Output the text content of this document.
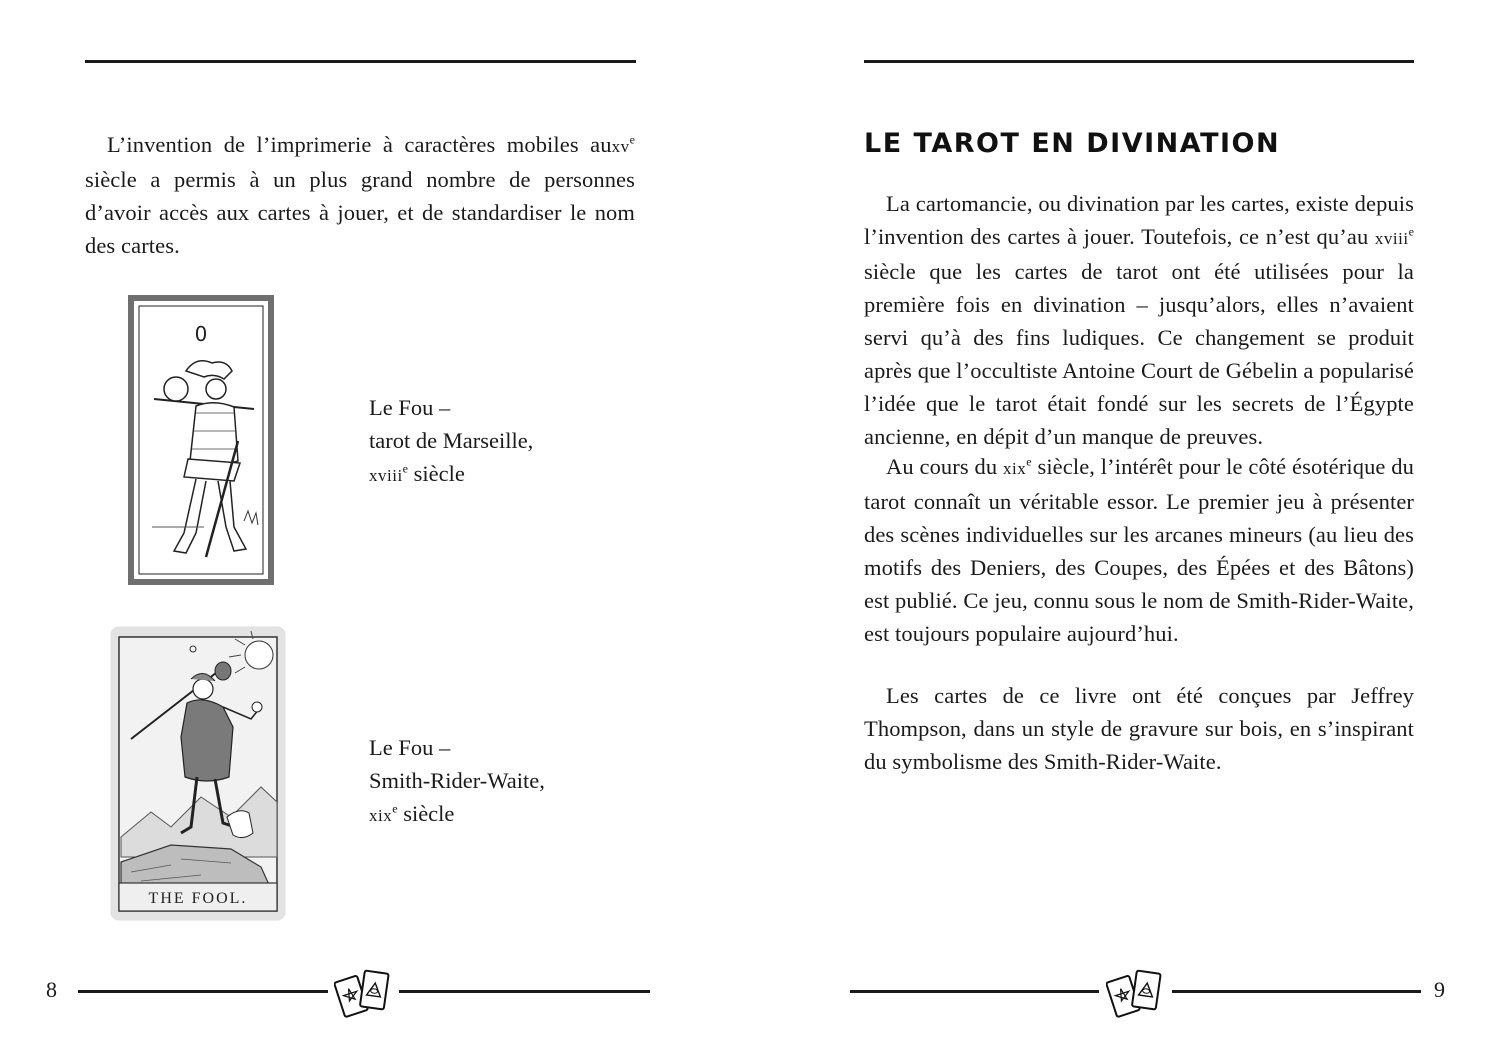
L’invention de l’imprimerie à caractères mobiles auxv$^e$ siècle a permis à un plus grand nombre de personnes d’avoir accès aux cartes à jouer, et de standardiser le nom des cartes.

0

Le Fou –
tarot de Marseille,
xviii$^e$ siècle

THE FOOL.

Le Fou –
Smith-Rider-Waite,
xix$^e$ siècle

8
LE TAROT EN DIVINATION

La cartomancie, ou divination par les cartes, existe depuis l’invention des cartes à jouer. Toutefois, ce n’est qu’au xviii$^e$ siècle que les cartes de tarot ont été utilisées pour la première fois en divination – jusqu’alors, elles n’avaient servi qu’à des fins ludiques. Ce changement se produit après que l’occultiste Antoine Court de Gébelin a popularisé l’idée que le tarot était fondé sur les secrets de l’Égypte ancienne, en dépit d’un manque de preuves.

Au cours du xix$^e$ siècle, l’intérêt pour le côté ésotérique du tarot connaît un véritable essor. Le premier jeu à présenter des scènes individuelles sur les arcanes mineurs (au lieu des motifs des Deniers, des Coupes, des Épées et des Bâtons) est publié. Ce jeu, connu sous le nom de Smith-Rider-Waite, est toujours populaire aujourd’hui.

Les cartes de ce livre ont été conçues par Jeffrey Thompson, dans un style de gravure sur bois, en s’inspirant du symbolisme des Smith-Rider-Waite.

9
